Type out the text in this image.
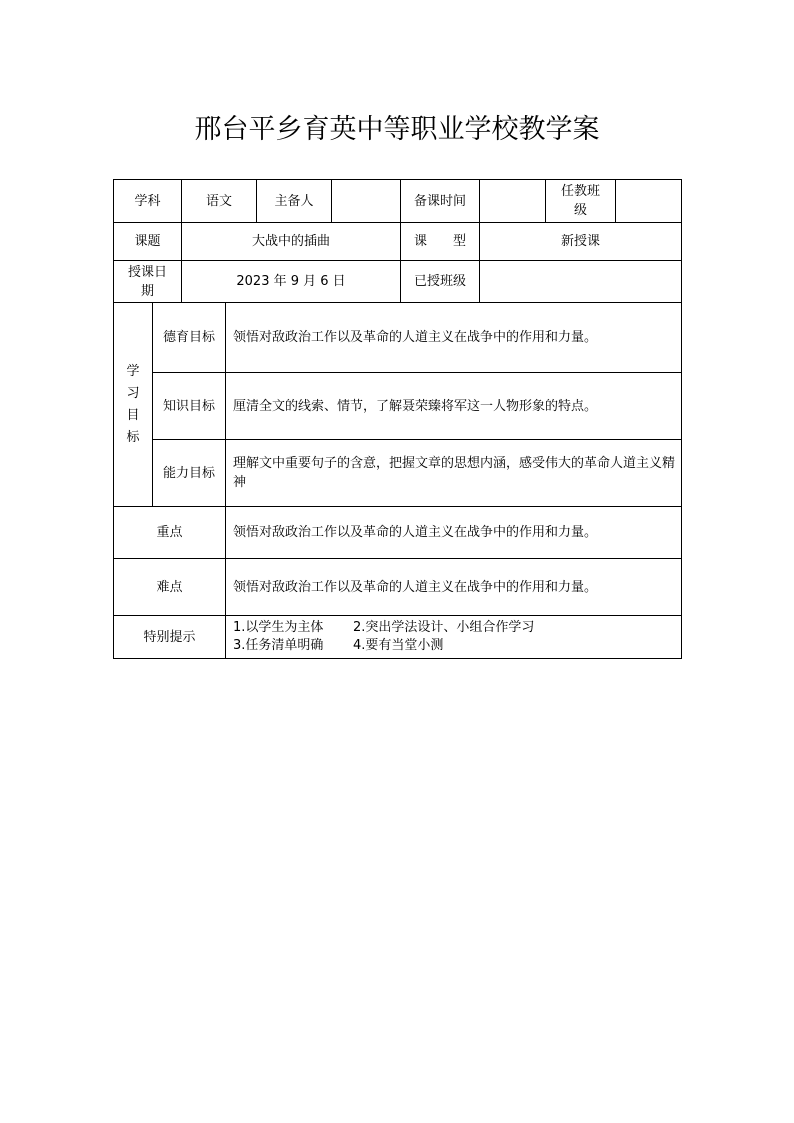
邢台平乡育英中等职业学校教学案
学科		语文		主备人		备课时间		任教班级	
课题		大战中的插曲				课　　型	新授课		
授课日期		2023 年 9 月 6 日				已授班级			
学习目标	德育目标		领悟对敌政治工作以及革命的人道主义在战争中的作用和力量。						
	知识目标		厘清全文的线索、情节，了解聂荣臻将军这一人物形象的特点。						
	能力目标		理解文中重要句子的含意，把握文章的思想内涵，感受伟大的革命人道主义精神						
重点			领悟对敌政治工作以及革命的人道主义在战争中的作用和力量。						
难点			领悟对敌政治工作以及革命的人道主义在战争中的作用和力量。						
特别提示			1.以学生为主体 2.突出学法设计、小组合作学习
3.任务清单明确 4.要有当堂小测						
